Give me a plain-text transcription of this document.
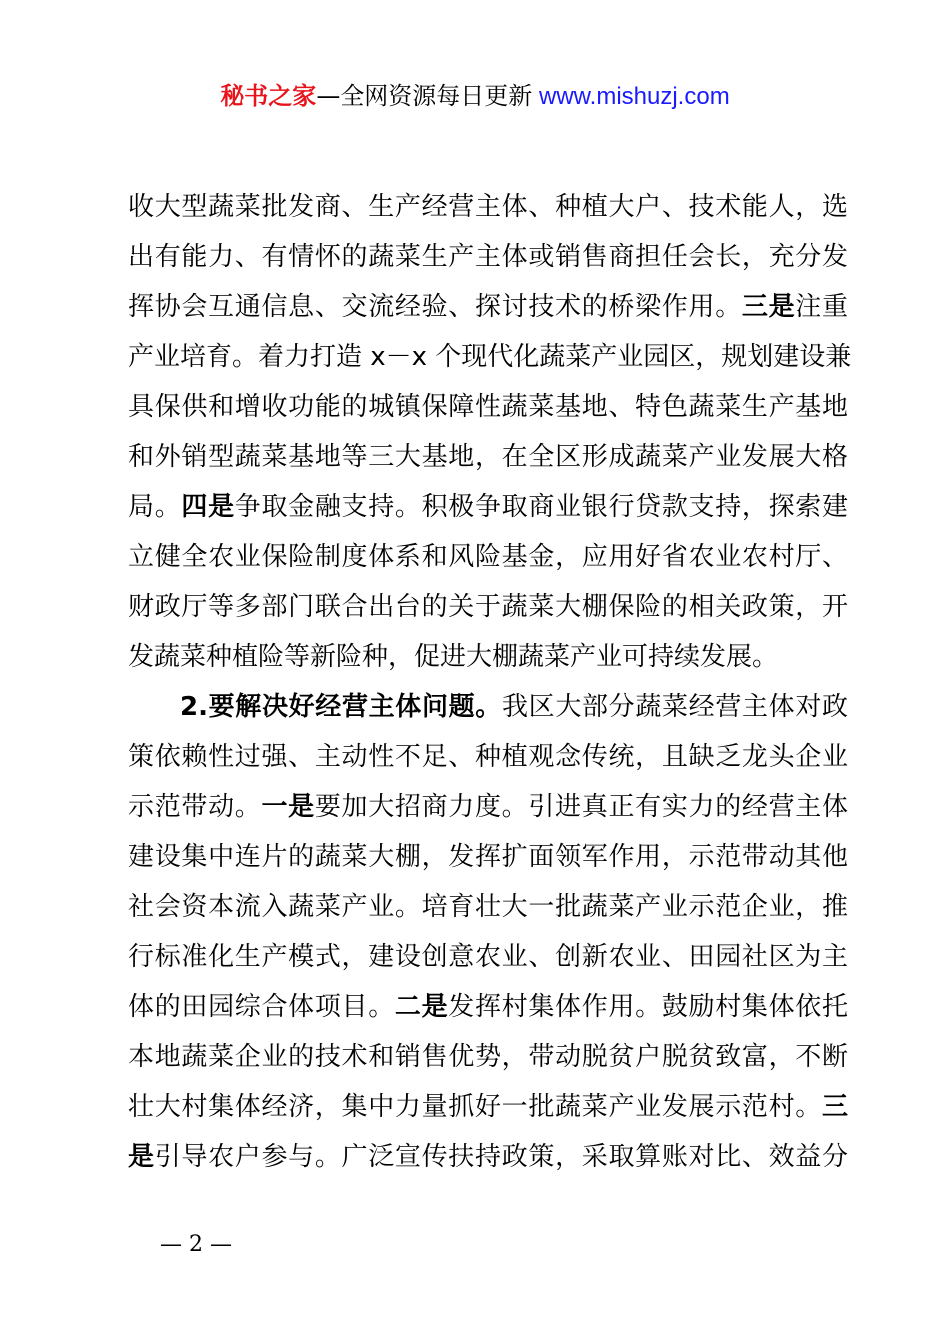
秘书之家—全网资源每日更新 www.mishuzj.com
收大型蔬菜批发商、生产经营主体、种植大户、技术能人，选
出有能力、有情怀的蔬菜生产主体或销售商担任会长，充分发
挥协会互通信息、交流经验、探讨技术的桥梁作用。三是注重
产业培育。着力打造 x－x 个现代化蔬菜产业园区，规划建设兼
具保供和增收功能的城镇保障性蔬菜基地、特色蔬菜生产基地
和外销型蔬菜基地等三大基地，在全区形成蔬菜产业发展大格
局。四是争取金融支持。积极争取商业银行贷款支持，探索建
立健全农业保险制度体系和风险基金，应用好省农业农村厅、
财政厅等多部门联合出台的关于蔬菜大棚保险的相关政策，开
发蔬菜种植险等新险种，促进大棚蔬菜产业可持续发展。
2.要解决好经营主体问题。我区大部分蔬菜经营主体对政
策依赖性过强、主动性不足、种植观念传统，且缺乏龙头企业
示范带动。一是要加大招商力度。引进真正有实力的经营主体
建设集中连片的蔬菜大棚，发挥扩面领军作用，示范带动其他
社会资本流入蔬菜产业。培育壮大一批蔬菜产业示范企业，推
行标准化生产模式，建设创意农业、创新农业、田园社区为主
体的田园综合体项目。二是发挥村集体作用。鼓励村集体依托
本地蔬菜企业的技术和销售优势，带动脱贫户脱贫致富，不断
壮大村集体经济，集中力量抓好一批蔬菜产业发展示范村。三
是引导农户参与。广泛宣传扶持政策，采取算账对比、效益分
— 2 —
